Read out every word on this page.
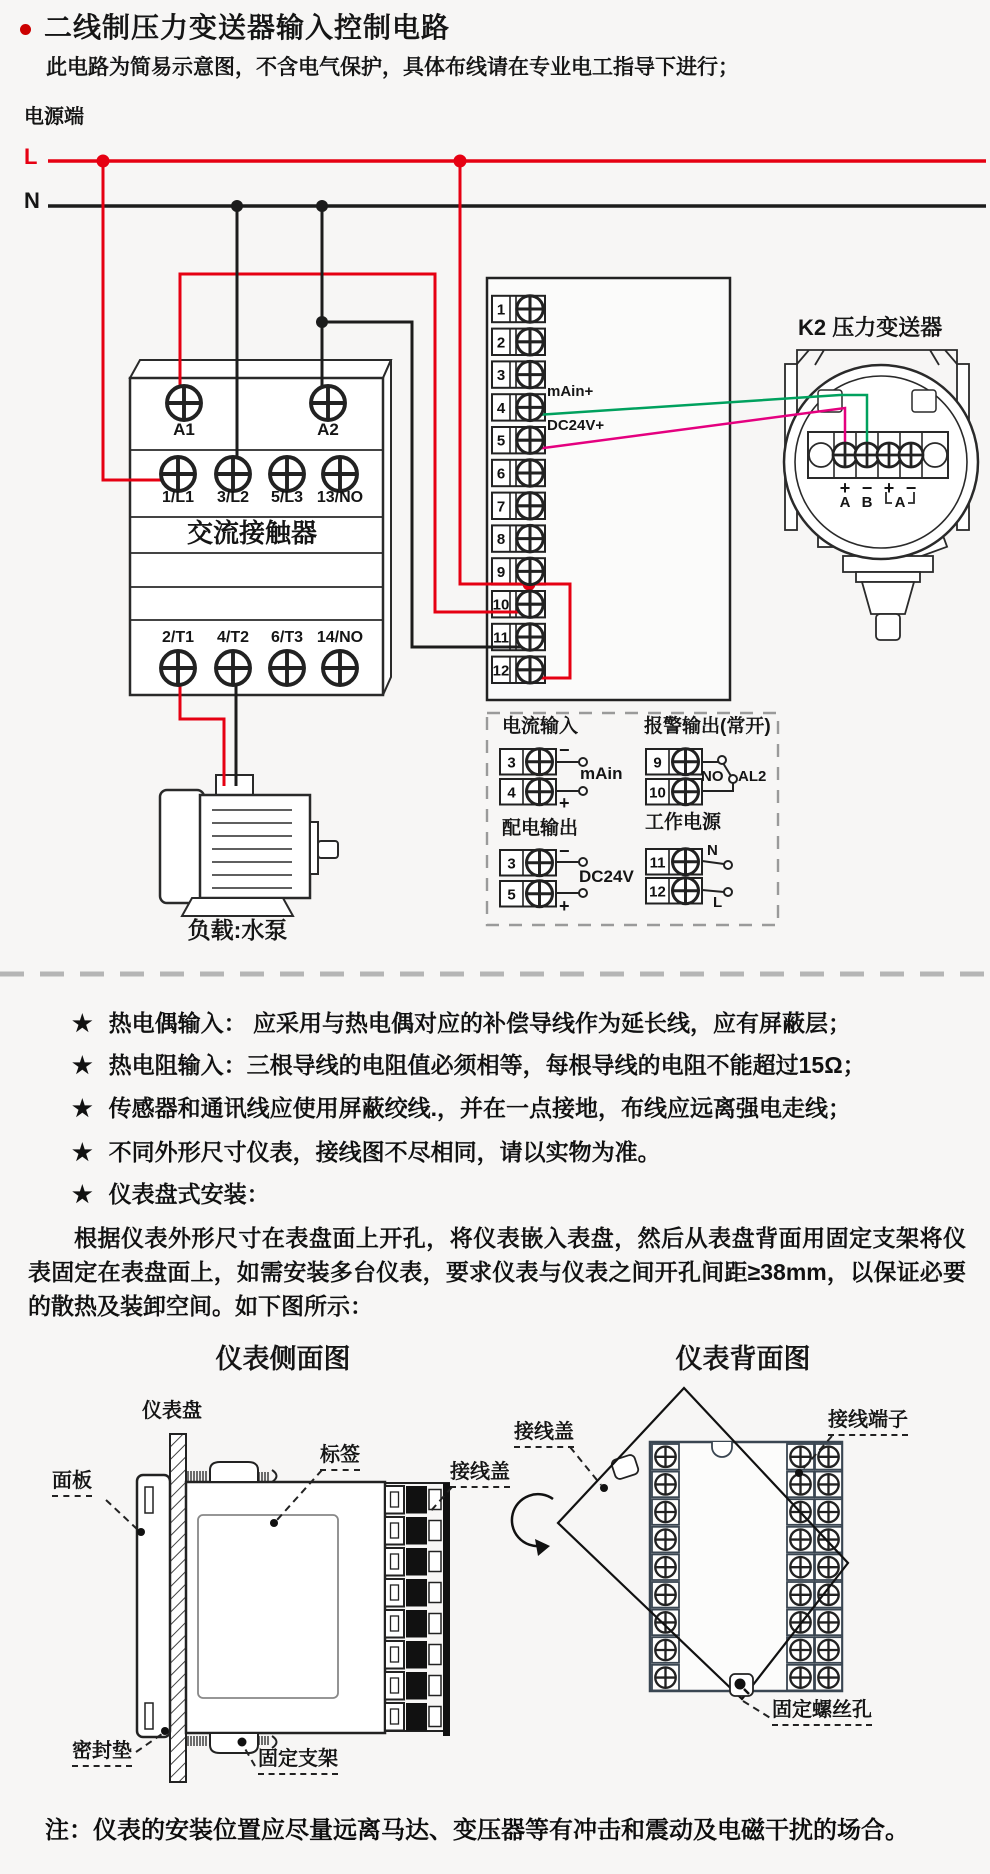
1
2
3
4
5
6
7
8
9
10
11
12
3
4
9
10
3
5
11
12
二线制压力变送器输入控制电路
此电路为简易示意图，不含电气保护，具体布线请在专业电工指导下进行；
电源端
L
N
A1	A2
1/L1	3/L2	5/L3 13/NO
交流接触器
2/T1	4/T2	6/T3 14/NO
负载:水泵
mAin+
DC24V+
K2 压力变送器
+ − + −
A B A
电流输入
−
+
mAin
报警输出(常开)
NO AL2
配电输出
−
+
DC24V
工作电源
N
L
★ 热电偶输入： 应采用与热电偶对应的补偿导线作为延长线，应有屏蔽层；
★ 热电阻输入：三根导线的电阻值必须相等，每根导线的电阻不能超过15Ω；
★ 传感器和通讯线应使用屏蔽绞线.，并在一点接地，布线应远离强电走线；
★ 不同外形尺寸仪表，接线图不尽相同，请以实物为准。
★ 仪表盘式安装：
根据仪表外形尺寸在表盘面上开孔，将仪表嵌入表盘，然后从表盘背面用固定支架将仪表固定在表盘面上，如需安装多台仪表，要求仪表与仪表之间开孔间距≥38mm，以保证必要的散热及装卸空间。如下图所示：
仪表侧面图	仪表背面图
仪表盘
面板
标签
接线盖
密封垫	固定支架
接线盖
接线端子
固定螺丝孔
注：仪表的安装位置应尽量远离马达、变压器等有冲击和震动及电磁干扰的场合。
